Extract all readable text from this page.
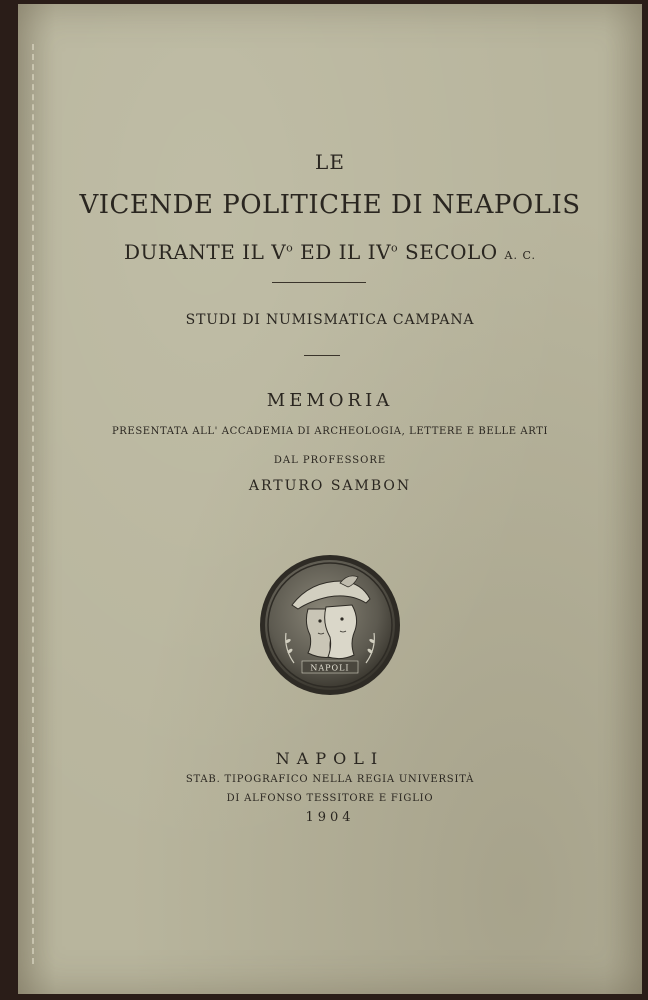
LE
VICENDE POLITICHE DI NEAPOLIS
DURANTE IL $V^o$ ED IL $IV^o$ SECOLO A. C.
STUDI DI NUMISMATICA CAMPANA
MEMORIA
PRESENTATA ALL' ACCADEMIA DI ARCHEOLOGIA, LETTERE E BELLE ARTI
DAL PROFESSORE
ARTURO SAMBON
NAPOLI
NAPOLI
STAB. TIPOGRAFICO NELLA REGIA UNIVERSITÀ
DI ALFONSO TESSITORE E FIGLIO
1904
